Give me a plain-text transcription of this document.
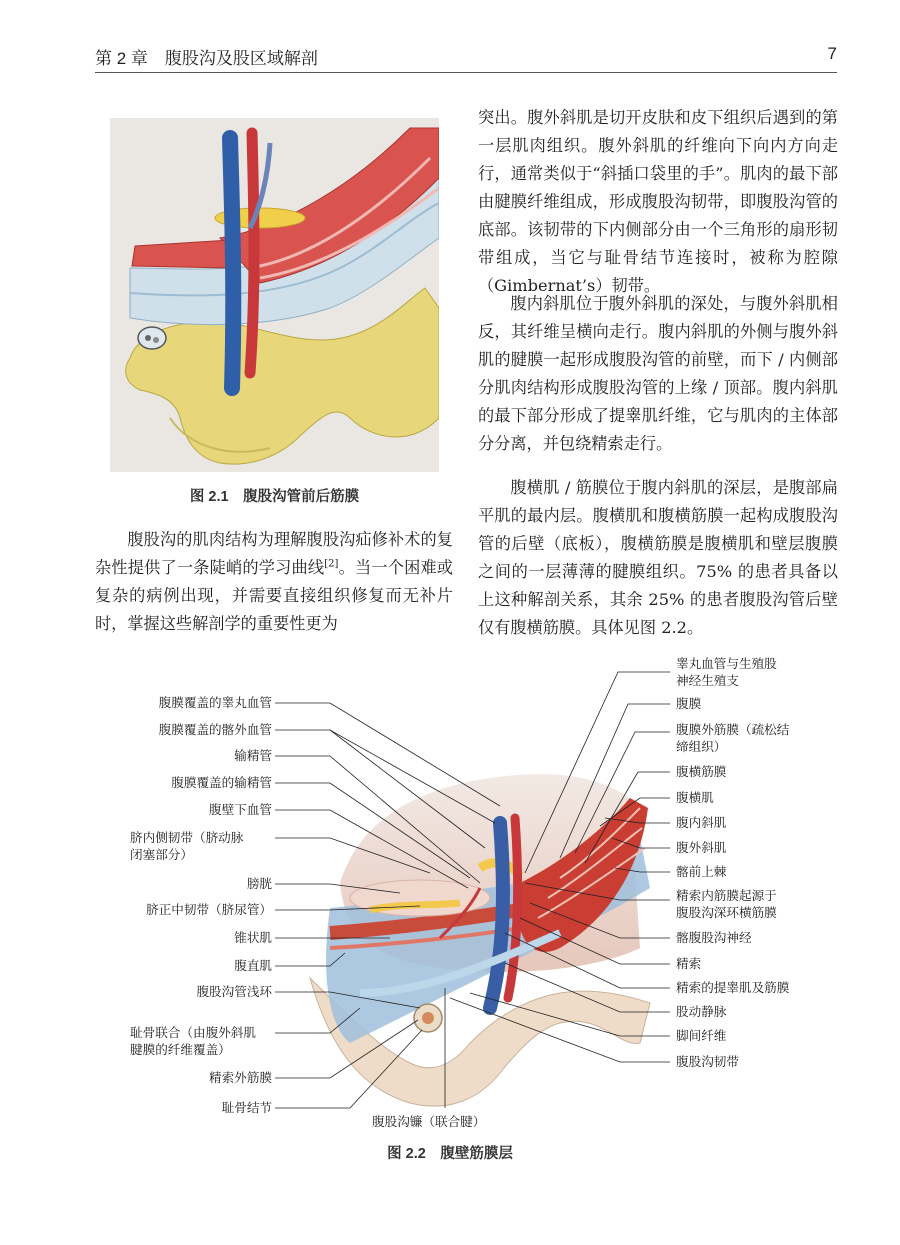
第 2 章　腹股沟及股区域解剖	7
图 2.1　腹股沟管前后筋膜
腹股沟的肌肉结构为理解腹股沟疝修补术的复杂性提供了一条陡峭的学习曲线[2]。当一个困难或复杂的病例出现，并需要直接组织修复而无补片时，掌握这些解剖学的重要性更为
突出。腹外斜肌是切开皮肤和皮下组织后遇到的第一层肌肉组织。腹外斜肌的纤维向下向内方向走行，通常类似于“斜插口袋里的手”。肌肉的最下部由腱膜纤维组成，形成腹股沟韧带，即腹股沟管的底部。该韧带的下内侧部分由一个三角形的扇形韧带组成，当它与耻骨结节连接时，被称为腔隙（Gimbernat’s）韧带。
腹内斜肌位于腹外斜肌的深处，与腹外斜肌相反，其纤维呈横向走行。腹内斜肌的外侧与腹外斜肌的腱膜一起形成腹股沟管的前壁，而下 / 内侧部分肌肉结构形成腹股沟管的上缘 / 顶部。腹内斜肌的最下部分形成了提睾肌纤维，它与肌肉的主体部分分离，并包绕精索走行。
腹横肌 / 筋膜位于腹内斜肌的深层，是腹部扁平肌的最内层。腹横肌和腹横筋膜一起构成腹股沟管的后壁（底板），腹横筋膜是腹横肌和壁层腹膜之间的一层薄薄的腱膜组织。75% 的患者具备以上这种解剖关系，其余 25% 的患者腹股沟管后壁仅有腹横筋膜。具体见图 2.2。
腹膜覆盖的睾丸血管
腹膜覆盖的髂外血管
输精管
腹膜覆盖的输精管
腹壁下血管
脐内侧韧带（脐动脉
闭塞部分）
膀胱
脐正中韧带（脐尿管）
锥状肌
腹直肌
腹股沟管浅环
耻骨联合（由腹外斜肌
腱膜的纤维覆盖）
精索外筋膜
耻骨结节
睾丸血管与生殖股
神经生殖支
腹膜
腹膜外筋膜（疏松结
缔组织）
腹横筋膜
腹横肌
腹内斜肌
腹外斜肌
髂前上棘
精索内筋膜起源于
腹股沟深环横筋膜
髂腹股沟神经
精索
精索的提睾肌及筋膜
股动静脉
脚间纤维
腹股沟韧带
腹股沟镰（联合腱）
图 2.2　腹壁筋膜层
